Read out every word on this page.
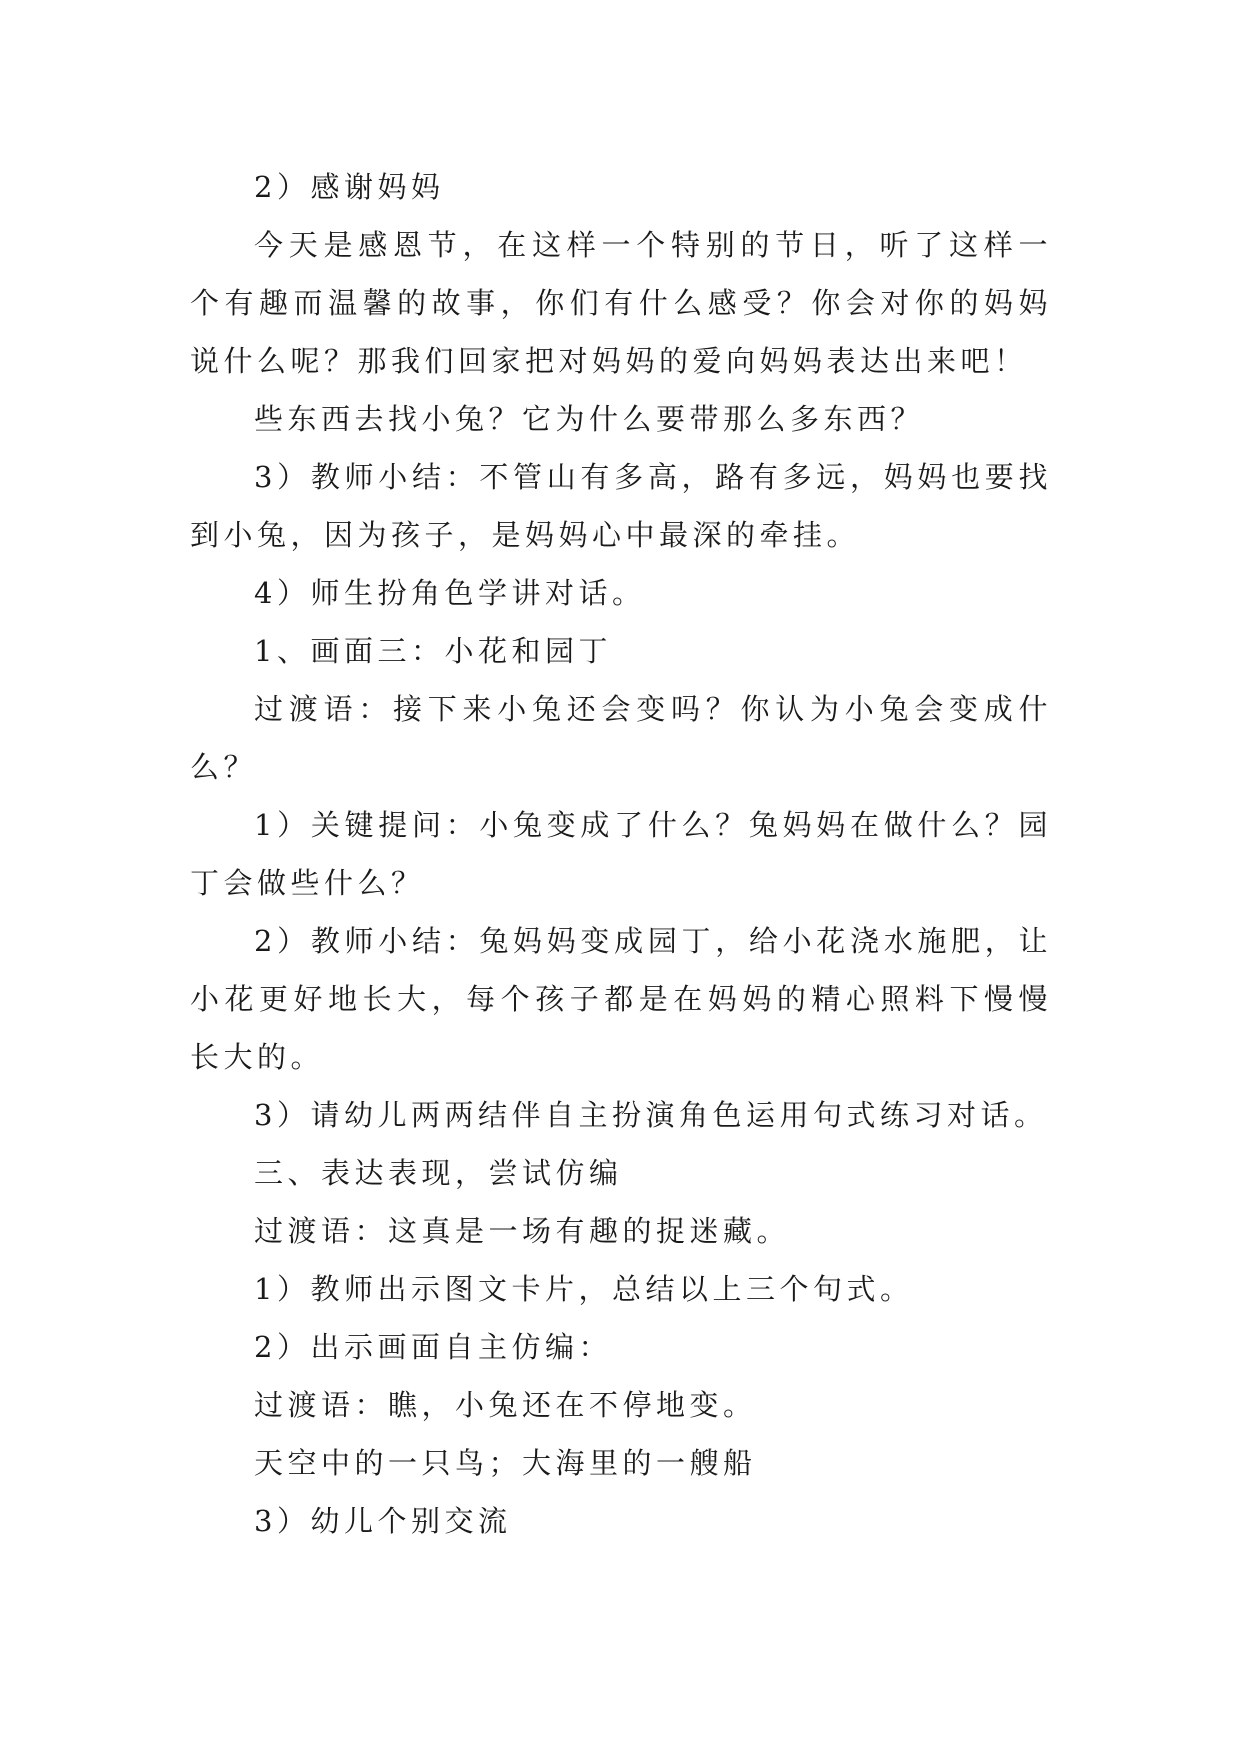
2）感谢妈妈

今天是感恩节，在这样一个特别的节日，听了这样一个有趣而温馨的故事，你们有什么感受？你会对你的妈妈说什么呢？那我们回家把对妈妈的爱向妈妈表达出来吧！

些东西去找小兔？它为什么要带那么多东西？

3）教师小结：不管山有多高，路有多远，妈妈也要找到小兔，因为孩子，是妈妈心中最深的牵挂。

4）师生扮角色学讲对话。

1、画面三：小花和园丁

过渡语：接下来小兔还会变吗？你认为小兔会变成什么？

1）关键提问：小兔变成了什么？兔妈妈在做什么？园丁会做些什么？

2）教师小结：兔妈妈变成园丁，给小花浇水施肥，让小花更好地长大，每个孩子都是在妈妈的精心照料下慢慢长大的。

3）请幼儿两两结伴自主扮演角色运用句式练习对话。

三、表达表现，尝试仿编

过渡语：这真是一场有趣的捉迷藏。

1）教师出示图文卡片，总结以上三个句式。

2）出示画面自主仿编：

过渡语：瞧，小兔还在不停地变。

天空中的一只鸟；大海里的一艘船

3）幼儿个别交流
